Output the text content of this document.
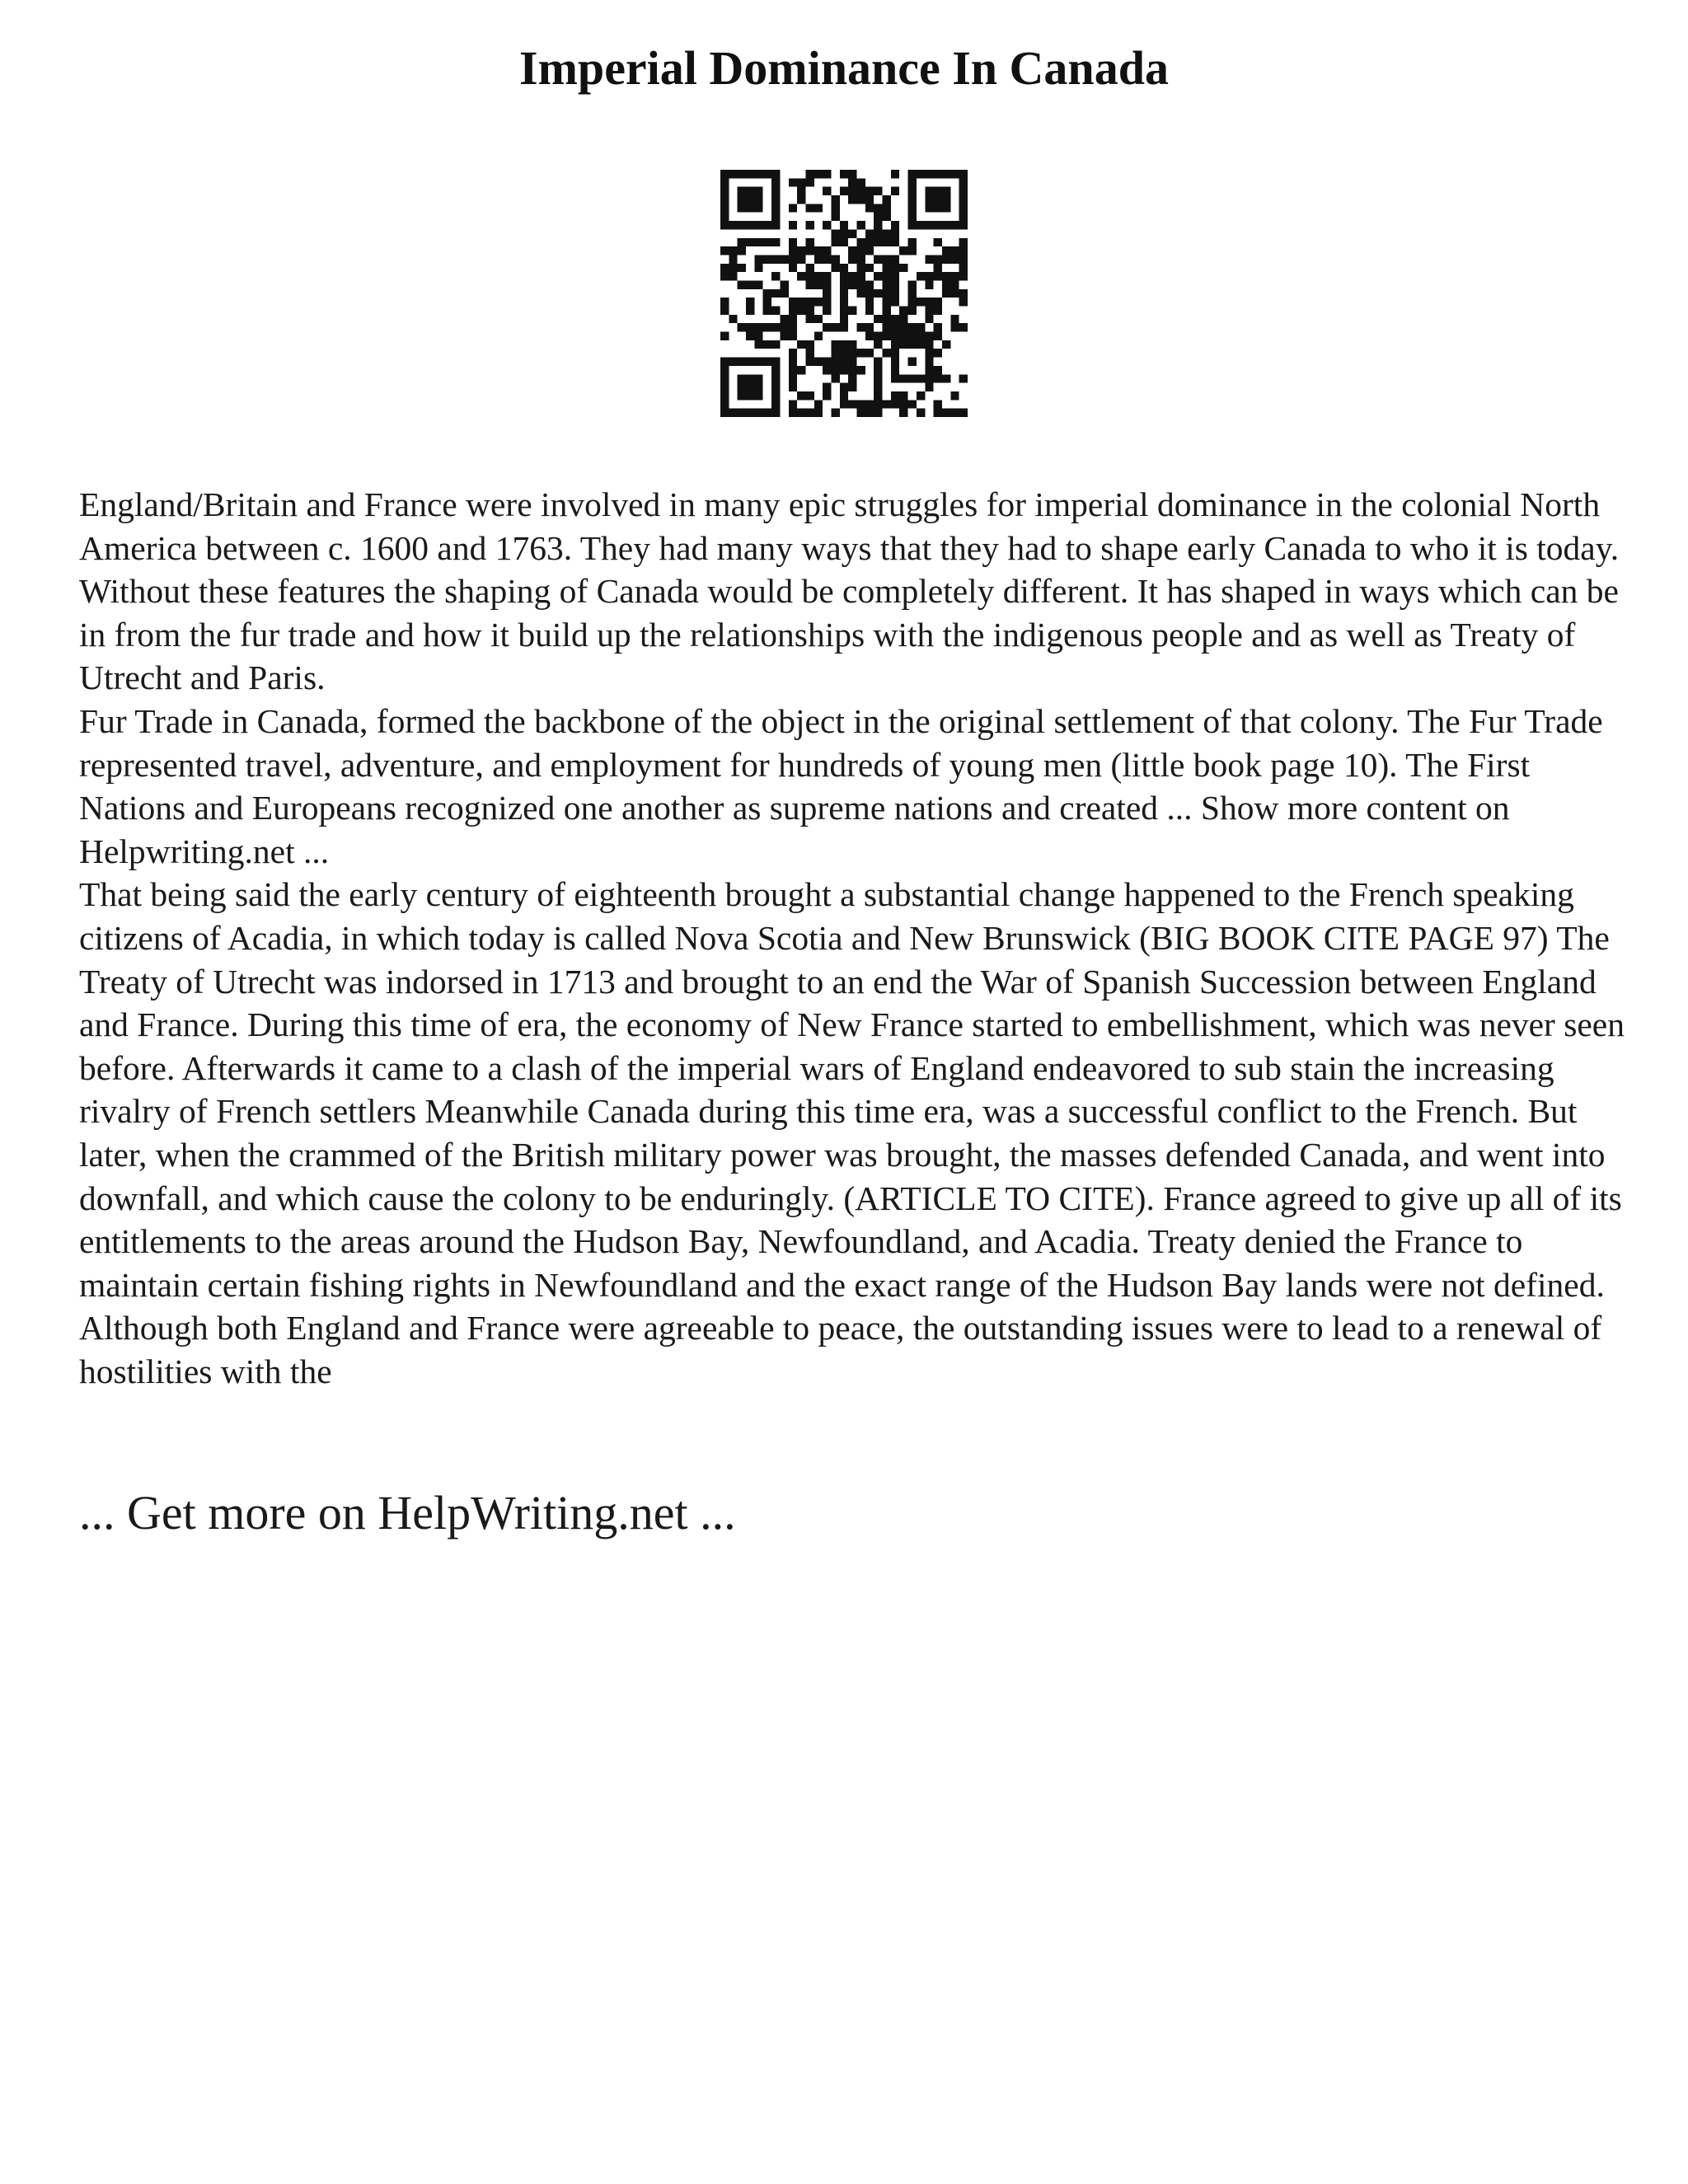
Imperial Dominance In Canada

England/Britain and France were involved in many epic struggles for imperial dominance in the colonial North America between c. 1600 and 1763. They had many ways that they had to shape early Canada to who it is today. Without these features the shaping of Canada would be completely different. It has shaped in ways which can be in from the fur trade and how it build up the relationships with the indigenous people and as well as Treaty of Utrecht and Paris.

Fur Trade in Canada, formed the backbone of the object in the original settlement of that colony. The Fur Trade represented travel, adventure, and employment for hundreds of young men (little book page 10). The First Nations and Europeans recognized one another as supreme nations and created ... Show more content on Helpwriting.net ...

That being said the early century of eighteenth brought a substantial change happened to the French speaking citizens of Acadia, in which today is called Nova Scotia and New Brunswick (BIG BOOK CITE PAGE 97) The Treaty of Utrecht was indorsed in 1713 and brought to an end the War of Spanish Succession between England and France. During this time of era, the economy of New France started to embellishment, which was never seen before. Afterwards it came to a clash of the imperial wars of England endeavored to sub stain the increasing rivalry of French settlers Meanwhile Canada during this time era, was a successful conflict to the French. But later, when the crammed of the British military power was brought, the masses defended Canada, and went into downfall, and which cause the colony to be enduringly. (ARTICLE TO CITE). France agreed to give up all of its entitlements to the areas around the Hudson Bay, Newfoundland, and Acadia. Treaty denied the France to maintain certain fishing rights in Newfoundland and the exact range of the Hudson Bay lands were not defined. Although both England and France were agreeable to peace, the outstanding issues were to lead to a renewal of hostilities with the

... Get more on HelpWriting.net ...
